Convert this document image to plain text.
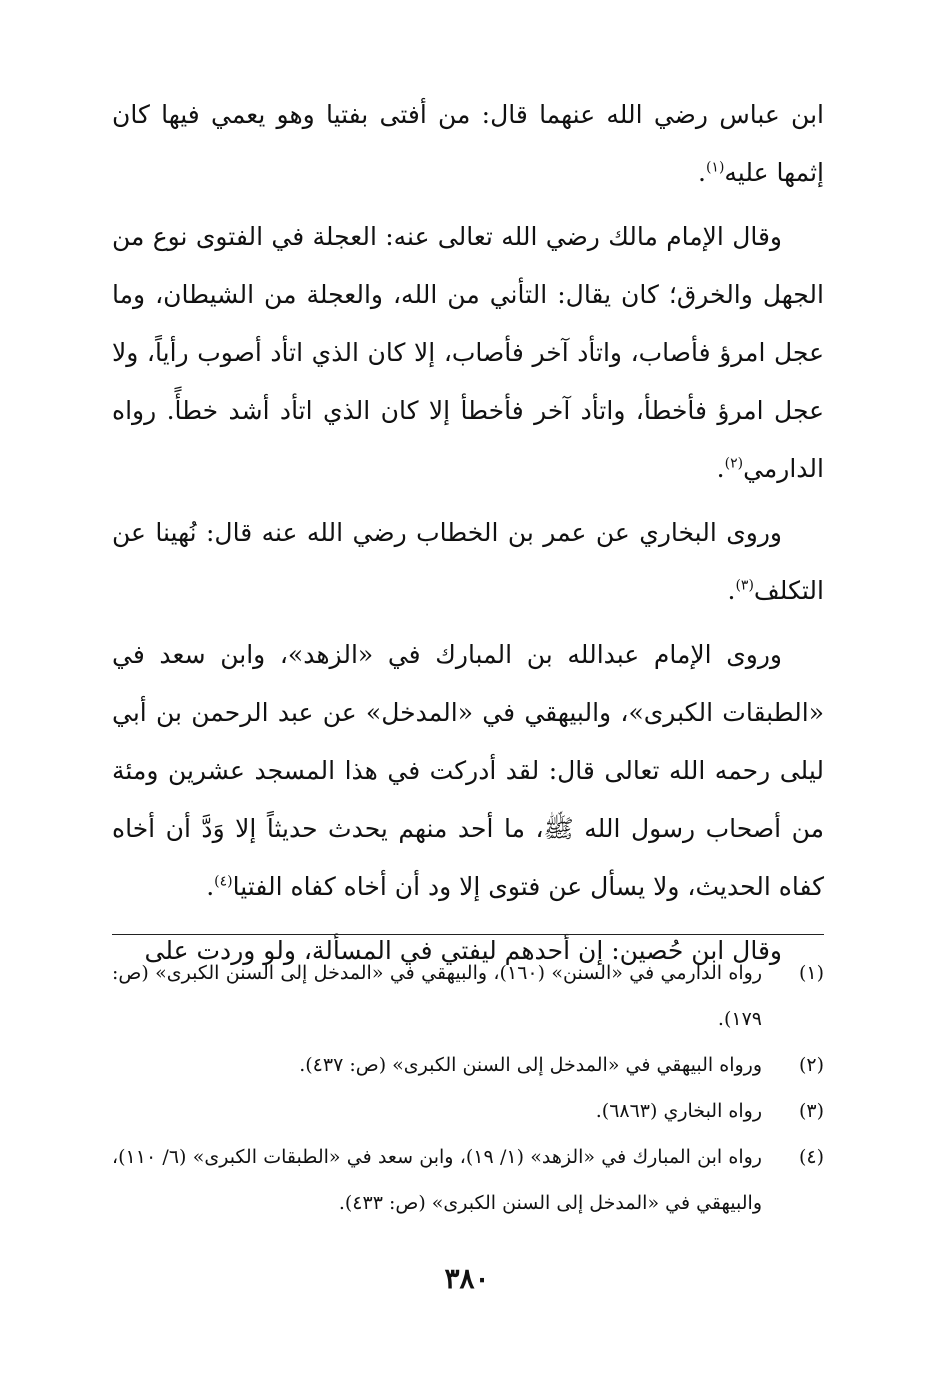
ابن عباس رضي الله عنهما قال: من أفتى بفتيا وهو يعمي فيها كان إثمها عليه$^{(١)}$.

وقال الإمام مالك رضي الله تعالى عنه: العجلة في الفتوى نوع من الجهل والخرق؛ كان يقال: التأني من الله، والعجلة من الشيطان، وما عجل امرؤ فأصاب، واتأد آخر فأصاب، إلا كان الذي اتأد أصوب رأياً، ولا عجل امرؤ فأخطأ، واتأد آخر فأخطأ إلا كان الذي اتأد أشد خطأً. رواه الدارمي$^{(٢)}$.

وروى البخاري عن عمر بن الخطاب رضي الله عنه قال: نُهينا عن التكلف$^{(٣)}$.

وروى الإمام عبدالله بن المبارك في «الزهد»، وابن سعد في «الطبقات الكبرى»، والبيهقي في «المدخل» عن عبد الرحمن بن أبي ليلى رحمه الله تعالى قال: لقد أدركت في هذا المسجد عشرين ومئة من أصحاب رسول الله ﷺ، ما أحد منهم يحدث حديثاً إلا وَدَّ أن أخاه كفاه الحديث، ولا يسأل عن فتوى إلا ود أن أخاه كفاه الفتيا$^{(٤)}$.

وقال ابن حُصين: إن أحدهم ليفتي في المسألة، ولو وردت على

(١)
رواه الدارمي في «السنن» (١٦٠)، والبيهقي في «المدخل إلى السنن الكبرى» (ص: ١٧٩).
(٢)
ورواه البيهقي في «المدخل إلى السنن الكبرى» (ص: ٤٣٧).
(٣)
رواه البخاري (٦٨٦٣).
(٤)
رواه ابن المبارك في «الزهد» (١/ ١٩)، وابن سعد في «الطبقات الكبرى» (٦/ ١١٠)، والبيهقي في «المدخل إلى السنن الكبرى» (ص: ٤٣٣).
٣٨٠
